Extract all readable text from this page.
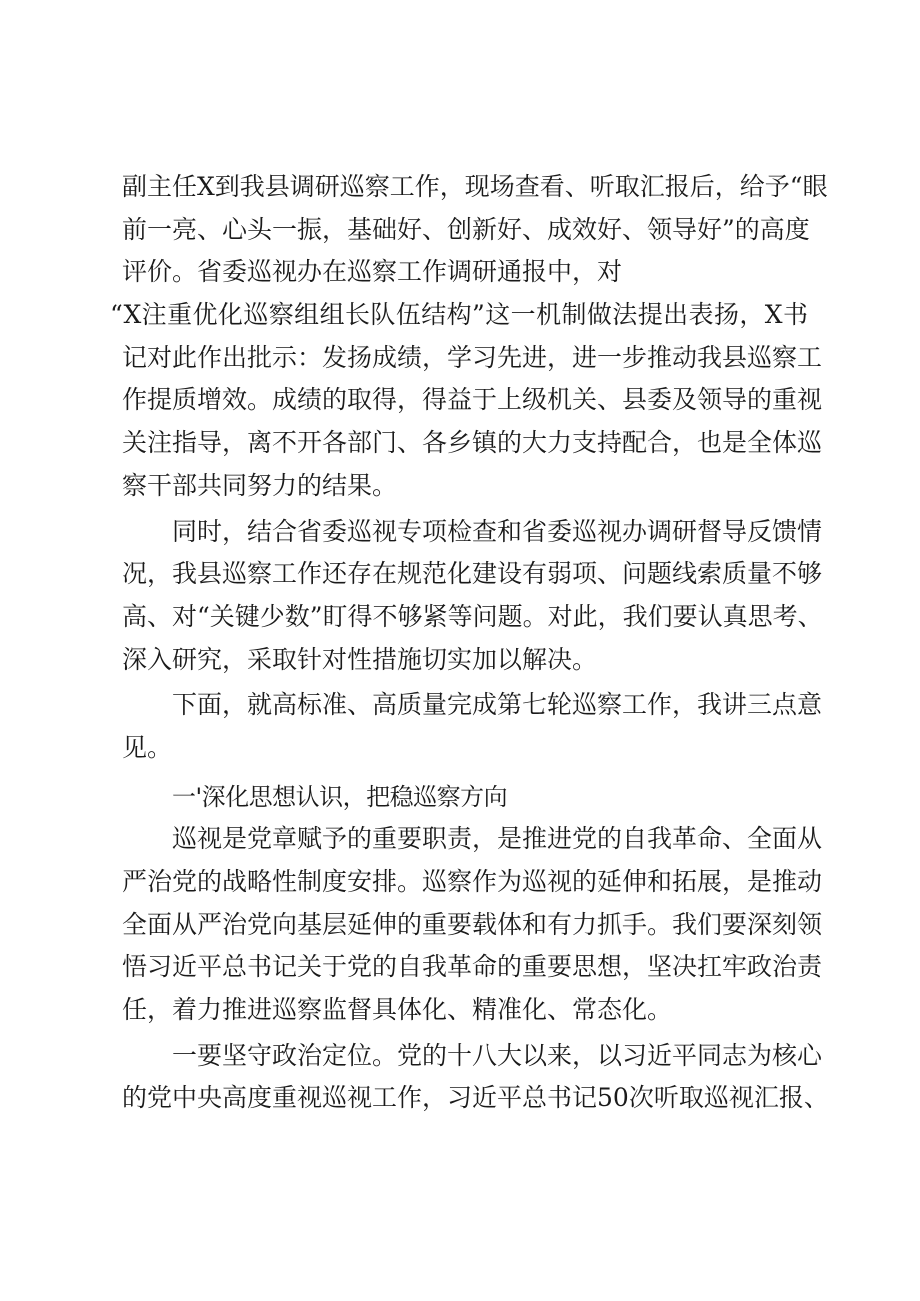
副主任X到我县调研巡察工作，现场查看、听取汇报后，给予“眼
前一亮、心头一振，基础好、创新好、成效好、领导好”的高度
评价。省委巡视办在巡察工作调研通报中，对
“X注重优化巡察组组长队伍结构”这一机制做法提出表扬，X书
记对此作出批示：发扬成绩，学习先进，进一步推动我县巡察工
作提质增效。成绩的取得，得益于上级机关、县委及领导的重视
关注指导，离不开各部门、各乡镇的大力支持配合，也是全体巡
察干部共同努力的结果。
同时，结合省委巡视专项检查和省委巡视办调研督导反馈情
况，我县巡察工作还存在规范化建设有弱项、问题线索质量不够
高、对“关键少数”盯得不够紧等问题。对此，我们要认真思考、
深入研究，采取针对性措施切实加以解决。
下面，就高标准、高质量完成第七轮巡察工作，我讲三点意
见。
一'深化思想认识，把稳巡察方向
巡视是党章赋予的重要职责，是推进党的自我革命、全面从
严治党的战略性制度安排。巡察作为巡视的延伸和拓展，是推动
全面从严治党向基层延伸的重要载体和有力抓手。我们要深刻领
悟习近平总书记关于党的自我革命的重要思想，坚决扛牢政治责
任，着力推进巡察监督具体化、精准化、常态化。
一要坚守政治定位。党的十八大以来，以习近平同志为核心
的党中央高度重视巡视工作，习近平总书记50次听取巡视汇报、
